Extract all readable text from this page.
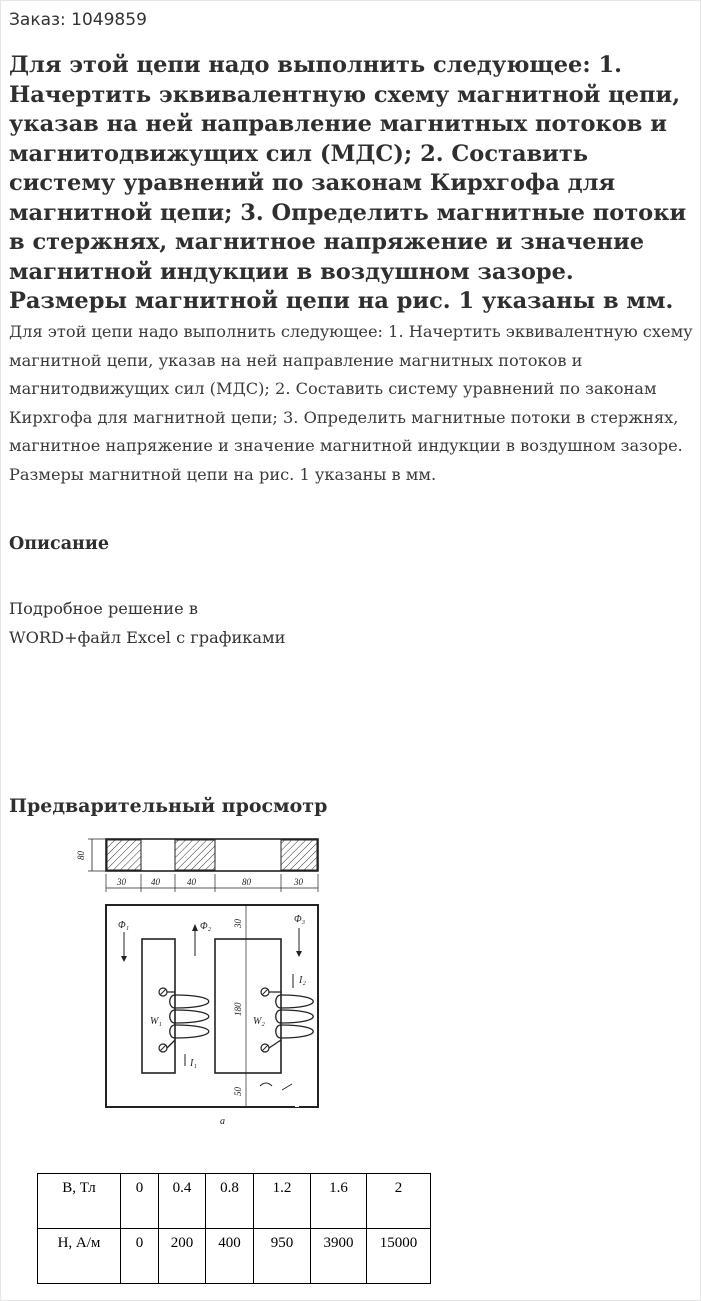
Заказ: 1049859

Для этой цепи надо выполнить следующее: 1. Начертить эквивалентную схему магнитной цепи, указав на ней направление магнитных потоков и магнитодвижущих сил (МДС); 2. Составить систему уравнений по законам Кирхгофа для магнитной цепи; 3. Определить магнитные потоки в стержнях, магнитное напряжение и значение магнитной индукции в воздушном зазоре. Размеры магнитной цепи на рис. 1 указаны в мм.

Для этой цепи надо выполнить следующее: 1. Начертить эквивалентную схему магнитной цепи, указав на ней направление магнитных потоков и магнитодвижущих сил (МДС); 2. Составить систему уравнений по законам Кирхгофа для магнитной цепи; 3. Определить магнитные потоки в стержнях, магнитное напряжение и значение магнитной индукции в воздушном зазоре. Размеры магнитной цепи на рис. 1 указаны в мм.

Описание
Подробное решение в
WORD+файл Excel с графиками
Предварительный просмотр
80
30	40	40	80	30
30
180
50
Φ₁	Φ₂
Φ₃
W₁
I₁
W₂
I₂
а
B, Тл	0	0.4	0.8	1.2	1.6	2
H, А/м	0	200	400	950	3900	15000
